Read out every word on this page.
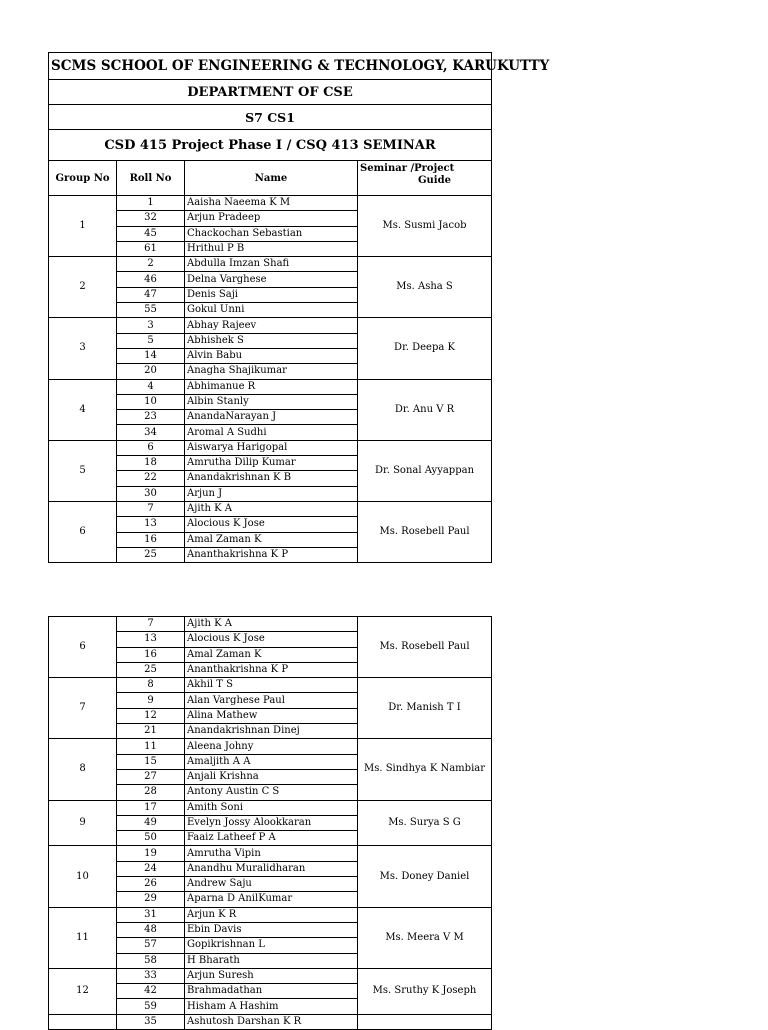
SCMS SCHOOL OF ENGINEERING & TECHNOLOGY, KARUKUTTY			
DEPARTMENT OF CSE			
S7 CS1			
CSD 415 Project Phase I / CSQ 413 SEMINAR			
Group No	Roll No	Name	Seminar /Project
Guide
1	1	Aaisha Naeema K M	Ms. Susmi Jacob
	32	Arjun Pradeep	
	45	Chackochan Sebastian	
	61	Hrithul P B	
2	2	Abdulla Imzan Shafi	Ms. Asha S
	46	Delna Varghese	
	47	Denis Saji	
	55	Gokul Unni	
3	3	Abhay Rajeev	Dr. Deepa K
	5	Abhishek S	
	14	Alvin Babu	
	20	Anagha Shajikumar	
4	4	Abhimanue R	Dr. Anu V R
	10	Albin Stanly	
	23	AnandaNarayan J	
	34	Aromal A Sudhi	
5	6	Aiswarya Harigopal	Dr. Sonal Ayyappan
	18	Amrutha Dilip Kumar	
	22	Anandakrishnan K B	
	30	Arjun J	
6	7	Ajith K A	Ms. Rosebell Paul
	13	Alocious K Jose	
	16	Amal Zaman K	
	25	Ananthakrishna K P	
6	7	Ajith K A	Ms. Rosebell Paul
	13	Alocious K Jose	
	16	Amal Zaman K	
	25	Ananthakrishna K P	
7	8	Akhil T S	Dr. Manish T I
	9	Alan Varghese Paul	
	12	Alina Mathew	
	21	Anandakrishnan Dinej	
8	11	Aleena Johny	Ms. Sindhya K Nambiar
	15	Amaljith A A	
	27	Anjali Krishna	
	28	Antony Austin C S	
9	17	Amith Soni	Ms. Surya S G
	49	Evelyn Jossy Alookkaran	
	50	Faaiz Latheef P A	
10	19	Amrutha Vipin	Ms. Doney Daniel
	24	Anandhu Muralidharan	
	26	Andrew Saju	
	29	Aparna D AnilKumar	
11	31	Arjun K R	Ms. Meera V M
	48	Ebin Davis	
	57	Gopikrishnan L	
	58	H Bharath	
12	33	Arjun Suresh	Ms. Sruthy K Joseph
	42	Brahmadathan	
	59	Hisham A Hashim	
	35	Ashutosh Darshan K R	
